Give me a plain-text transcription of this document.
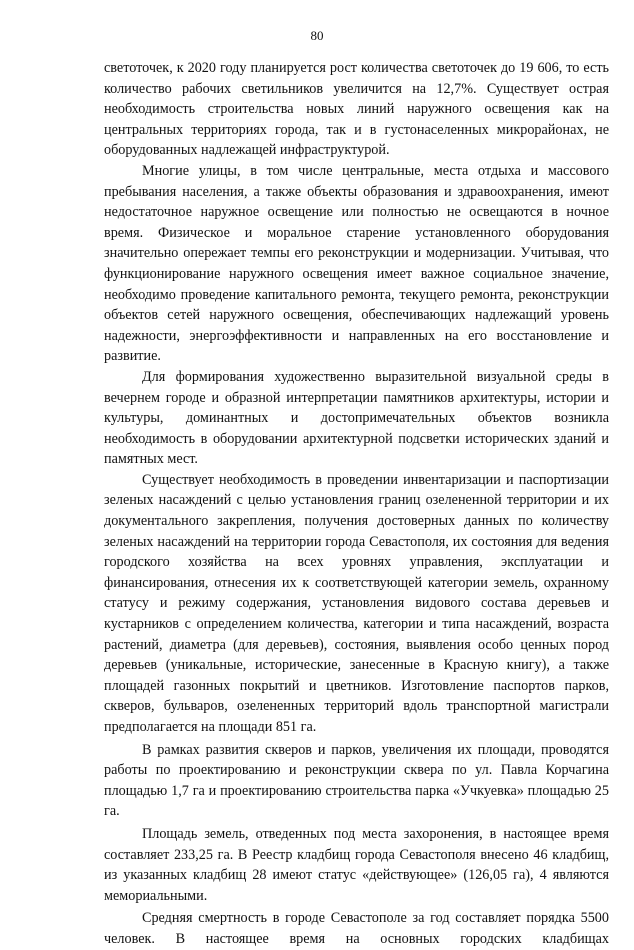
80

светоточек, к 2020 году планируется рост количества светоточек до 19 606, то есть количество рабочих светильников увеличится на 12,7%. Существует острая необходимость строительства новых линий наружного освещения как на центральных территориях города, так и в густонаселенных микрорайонах, не оборудованных надлежащей инфраструктурой.

Многие улицы, в том числе центральные, места отдыха и массового пребывания населения, а также объекты образования и здравоохранения, имеют недостаточное наружное освещение или полностью не освещаются в ночное время. Физическое и моральное старение установленного оборудования значительно опережает темпы его реконструкции и модернизации. Учитывая, что функционирование наружного освещения имеет важное социальное значение, необходимо проведение капитального ремонта, текущего ремонта, реконструкции объектов сетей наружного освещения, обеспечивающих надлежащий уровень надежности, энергоэффективности и направленных на его восстановление и развитие.

Для формирования художественно выразительной визуальной среды в вечернем городе и образной интерпретации памятников архитектуры, истории и культуры, доминантных и достопримечательных объектов возникла необходимость в оборудовании архитектурной подсветки исторических зданий и памятных мест.

Существует необходимость в проведении инвентаризации и паспортизации зеленых насаждений с целью установления границ озелененной территории и их документального закрепления, получения достоверных данных по количеству зеленых насаждений на территории города Севастополя, их состояния для ведения городского хозяйства на всех уровнях управления, эксплуатации и финансирования, отнесения их к соответствующей категории земель, охранному статусу и режиму содержания, установления видового состава деревьев и кустарников с определением количества, категории и типа насаждений, возраста растений, диаметра (для деревьев), состояния, выявления особо ценных пород деревьев (уникальные, исторические, занесенные в Красную книгу), а также площадей газонных покрытий и цветников. Изготовление паспортов парков, скверов, бульваров, озелененных территорий вдоль транспортной магистрали предполагается на площади 851 га.

В рамках развития скверов и парков, увеличения их площади, проводятся работы по проектированию и реконструкции сквера по ул. Павла Корчагина площадью 1,7 га и проектированию строительства парка «Учкуевка» площадью 25 га.

Площадь земель, отведенных под места захоронения, в настоящее время составляет 233,25 га. В Реестр кладбищ города Севастополя внесено 46 кладбищ, из указанных кладбищ 28 имеют статус «действующее» (126,05 га), 4 являются мемориальными.

Средняя смертность в городе Севастополе за год составляет порядка 5500 человек. В настоящее время на основных городских кладбищах
